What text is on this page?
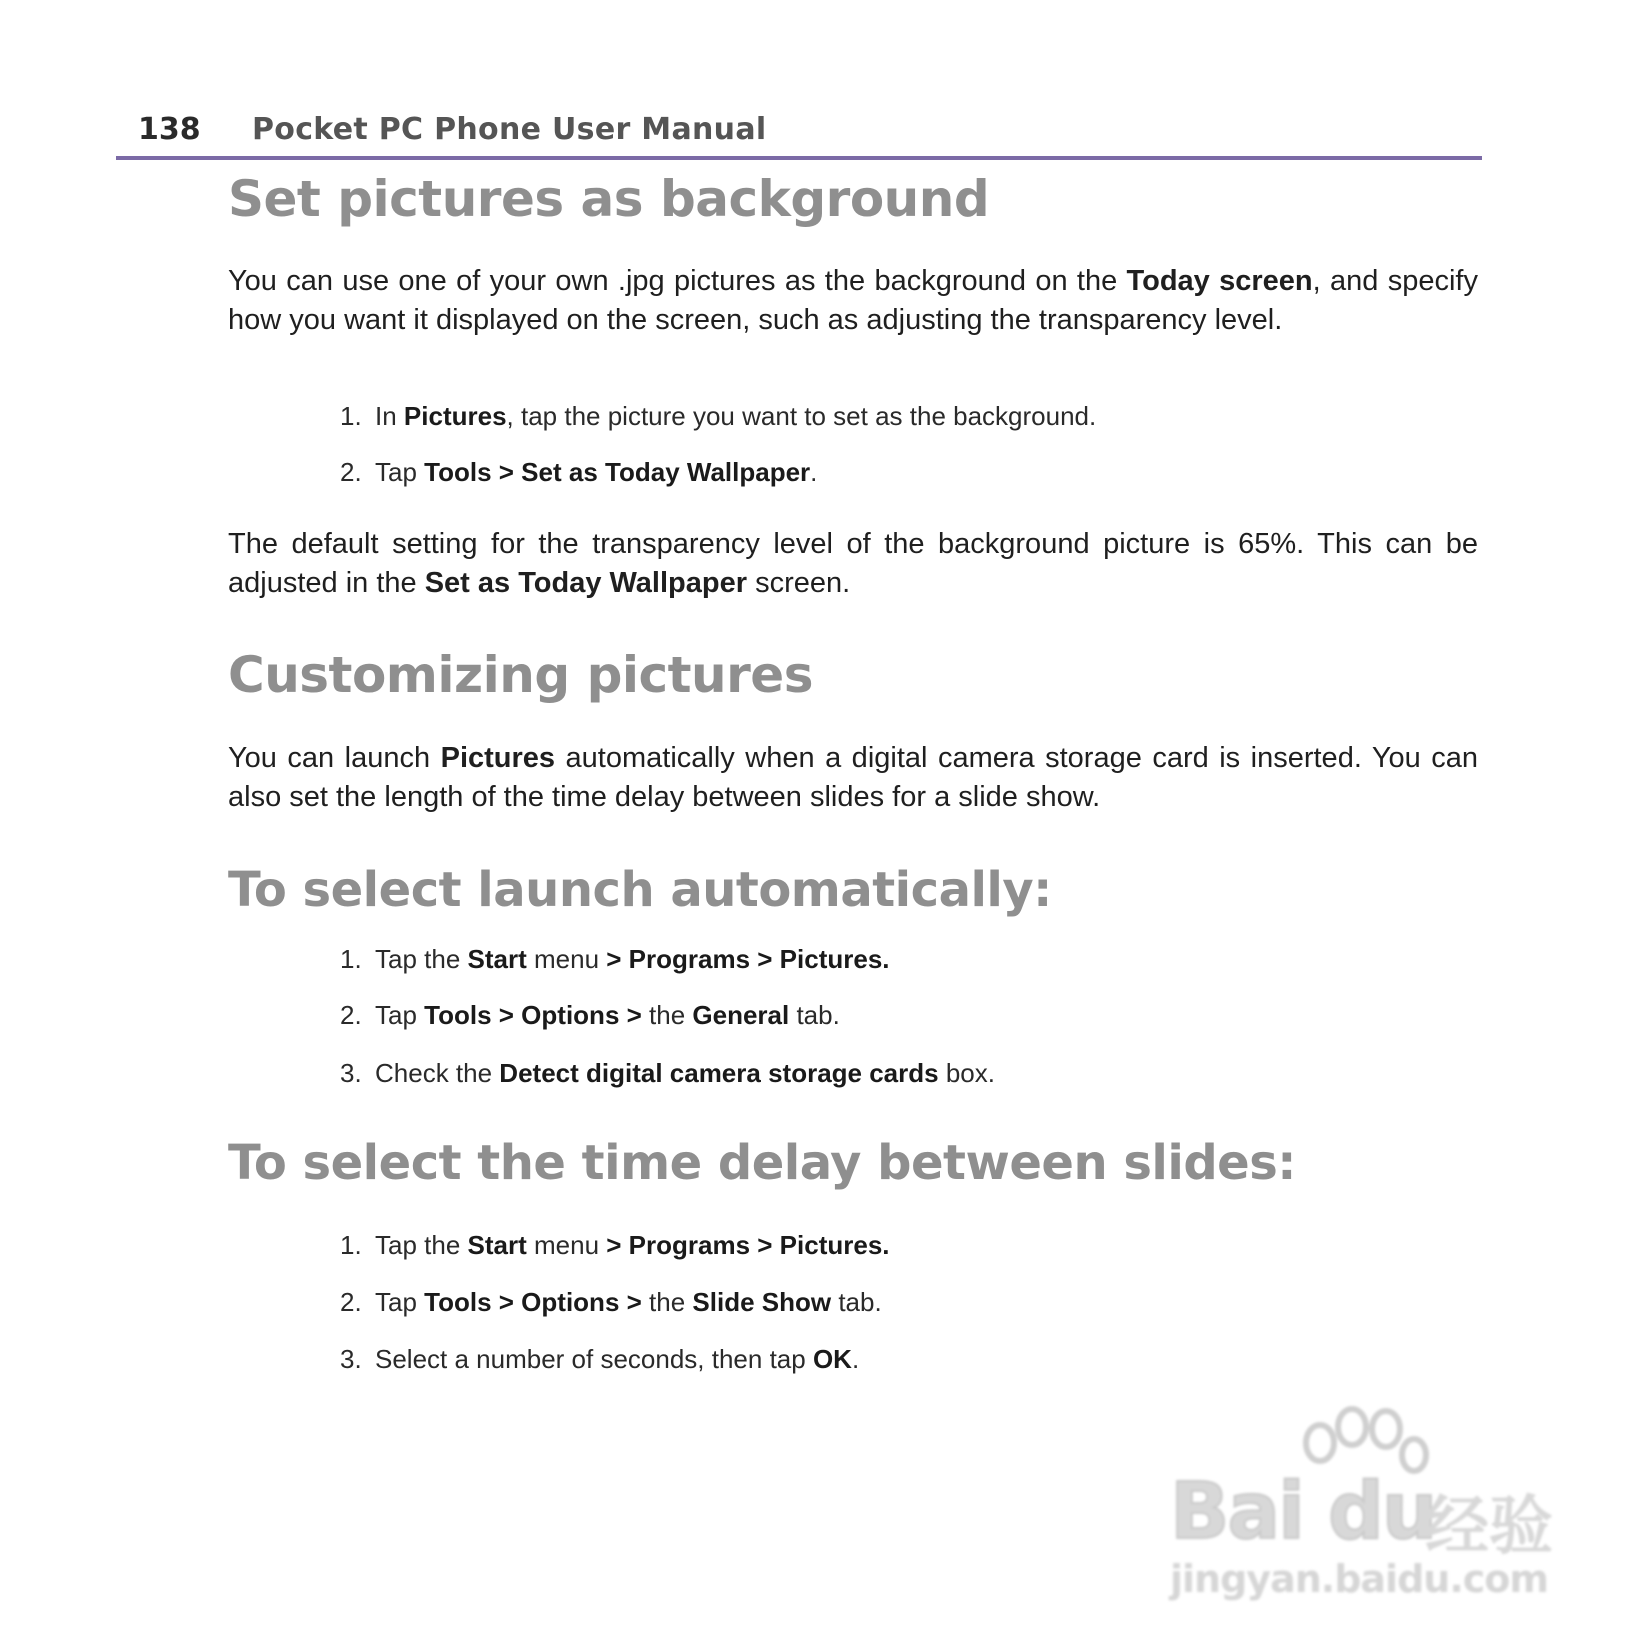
138	Pocket PC Phone User Manual
Set pictures as background

You can use one of your own .jpg pictures as the background on the Today screen, and specify how you want it displayed on the screen, such as adjusting the transparency level.

1. In Pictures, tap the picture you want to set as the background.
2. Tap Tools > Set as Today Wallpaper.

The default setting for the transparency level of the background picture is 65%. This can be adjusted in the Set as Today Wallpaper screen.

Customizing pictures

You can launch Pictures automatically when a digital camera storage card is inserted. You can also set the length of the time delay between slides for a slide show.

To select launch automatically:
1. Tap the Start menu > Programs > Pictures.
2. Tap Tools > Options > the General tab.
3. Check the Detect digital camera storage cards box.
To select the time delay between slides:
1. Tap the Start menu > Programs > Pictures.
2. Tap Tools > Options > the Slide Show tab.
3. Select a number of seconds, then tap OK.
Bai du
经验
jingyan.baidu.com
